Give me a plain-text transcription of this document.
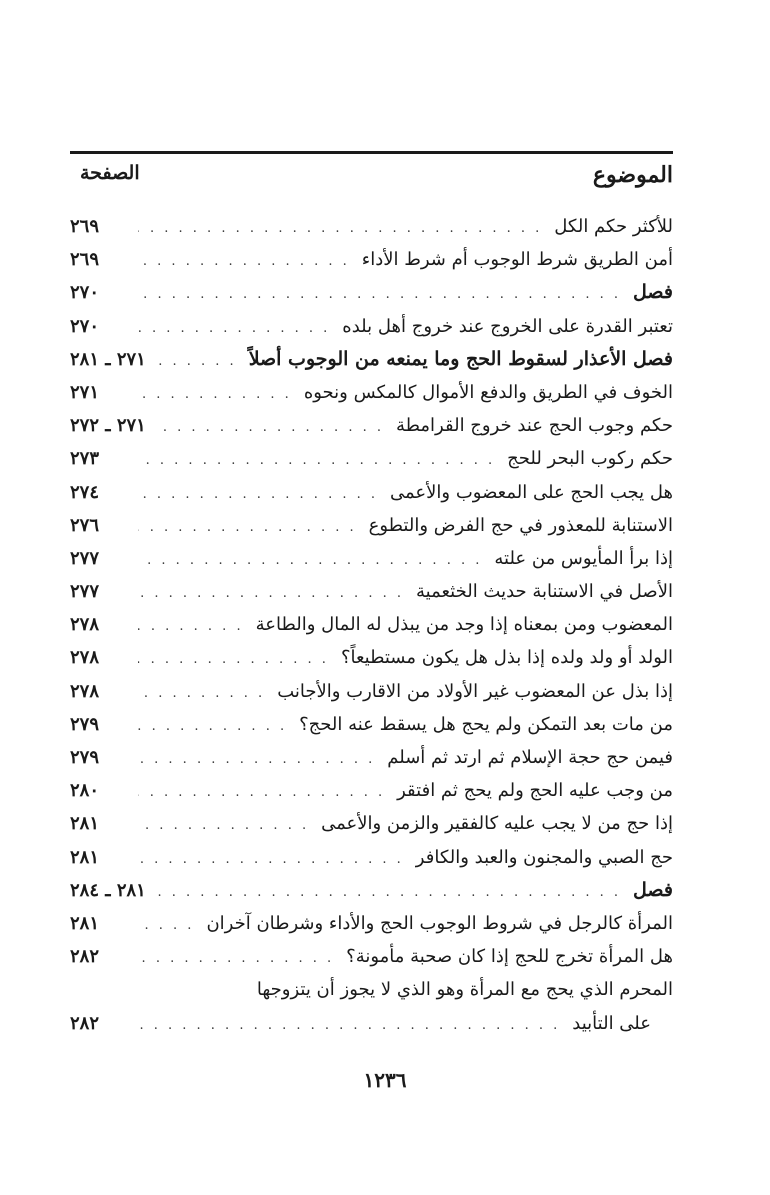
الموضوع
الصفحة
للأكثر حكم الكل
. . .
٢٦٩
أمن الطريق شرط الوجوب أم شرط الأداء
. . .
٢٦٩
فصل
. . .
٢٧٠
تعتبر القدرة على الخروج عند خروج أهل بلده
. . .
٢٧٠
فصل الأعذار لسقوط الحج وما يمنعه من الوجوب أصلاً
. . .
٢٧١ ـ ٢٨١
الخوف في الطريق والدفع الأموال كالمكس ونحوه
. . .
٢٧١
حكم وجوب الحج عند خروج القرامطة
. . .
٢٧١ ـ ٢٧٢
حكم ركوب البحر للحج
. . .
٢٧٣
هل يجب الحج على المعضوب والأعمى
. . .
٢٧٤
الاستنابة للمعذور في حج الفرض والتطوع
. . .
٢٧٦
إذا برأ المأيوس من علته
. . .
٢٧٧
الأصل في الاستنابة حديث الخثعمية
. . .
٢٧٧
المعضوب ومن بمعناه إذا وجد من يبذل له المال والطاعة
. . .
٢٧٨
الولد أو ولد ولده إذا بذل هل يكون مستطيعاً؟
. . .
٢٧٨
إذا بذل عن المعضوب غير الأولاد من الاقارب والأجانب
. . .
٢٧٨
من مات بعد التمكن ولم يحج هل يسقط عنه الحج؟
. . .
٢٧٩
فيمن حج حجة الإسلام ثم ارتد ثم أسلم
. . .
٢٧٩
من وجب عليه الحج ولم يحج ثم افتقر
. . .
٢٨٠
إذا حج من لا يجب عليه كالفقير والزمن والأعمى
. . .
٢٨١
حج الصبي والمجنون والعبد والكافر
. . .
٢٨١
فصل
. . .
٢٨١ ـ ٢٨٤
المرأة كالرجل في شروط الوجوب الحج والأداء وشرطان آخران
. . .
٢٨١
هل المرأة تخرج للحج إذا كان صحبة مأمونة؟
. . .
٢٨٢
المحرم الذي يحج مع المرأة وهو الذي لا يجوز أن يتزوجها
على التأبيد
. . .
٢٨٢
١٢٣٦
